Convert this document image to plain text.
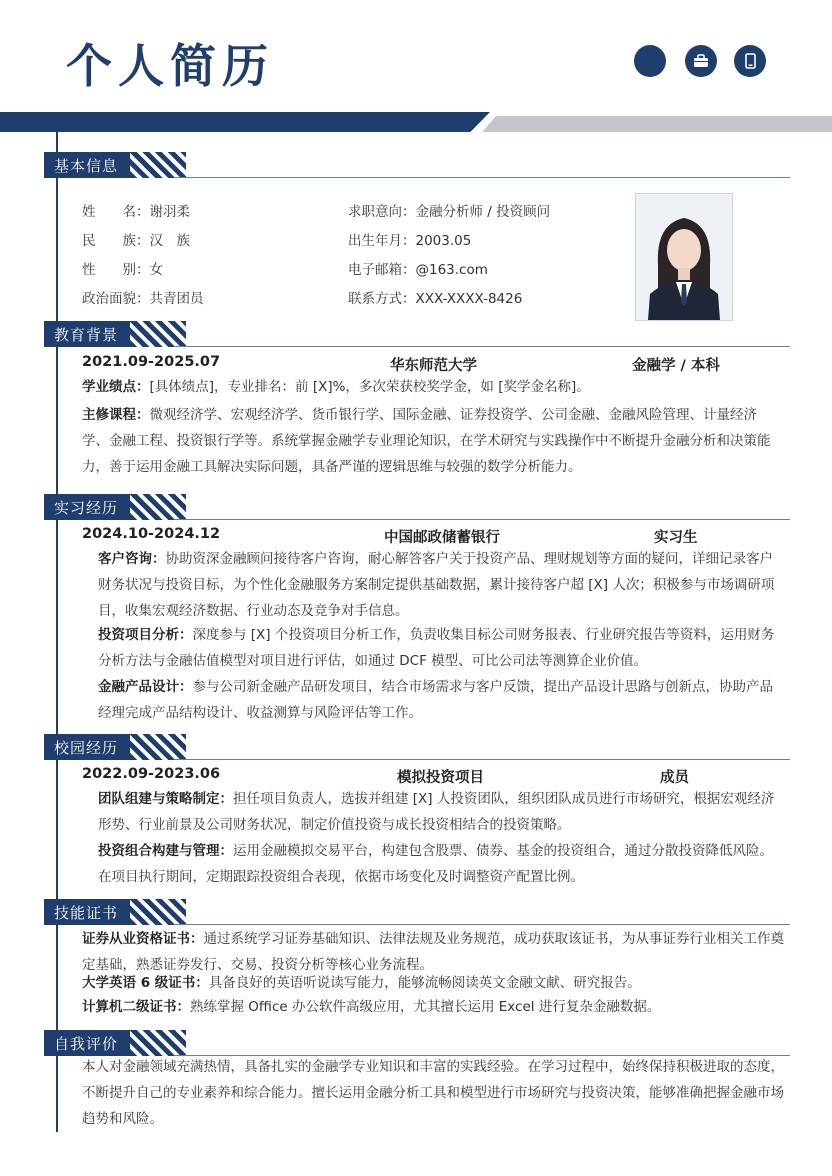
个人简历
基本信息
姓　　名：谢羽柔
民　　族：汉　族
性　　别：女
政治面貌：共青团员
求职意向：金融分析师 / 投资顾问
出生年月：2003.05
电子邮箱：@163.com
联系方式：XXX-XXXX-8426
教育背景
2021.09-2025.07	华东师范大学	金融学 / 本科

学业绩点：[具体绩点]，专业排名：前 [X]%，多次荣获校奖学金，如 [奖学金名称]。

主修课程：微观经济学、宏观经济学、货币银行学、国际金融、证券投资学、公司金融、金融风险管理、计量经济学、金融工程、投资银行学等。系统掌握金融学专业理论知识，在学术研究与实践操作中不断提升金融分析和决策能力，善于运用金融工具解决实际问题，具备严谨的逻辑思维与较强的数学分析能力。

实习经历
2024.10-2024.12	中国邮政储蓄银行	实习生

客户咨询：协助资深金融顾问接待客户咨询，耐心解答客户关于投资产品、理财规划等方面的疑问，详细记录客户财务状况与投资目标，为个性化金融服务方案制定提供基础数据，累计接待客户超 [X] 人次；积极参与市场调研项目，收集宏观经济数据、行业动态及竞争对手信息。

投资项目分析：深度参与 [X] 个投资项目分析工作，负责收集目标公司财务报表、行业研究报告等资料，运用财务分析方法与金融估值模型对项目进行评估，如通过 DCF 模型、可比公司法等测算企业价值。

金融产品设计：参与公司新金融产品研发项目，结合市场需求与客户反馈，提出产品设计思路与创新点，协助产品经理完成产品结构设计、收益测算与风险评估等工作。

校园经历
2022.09-2023.06	模拟投资项目	成员

团队组建与策略制定：担任项目负责人，选拔并组建 [X] 人投资团队，组织团队成员进行市场研究，根据宏观经济形势、行业前景及公司财务状况，制定价值投资与成长投资相结合的投资策略。

投资组合构建与管理：运用金融模拟交易平台，构建包含股票、债券、基金的投资组合，通过分散投资降低风险。在项目执行期间，定期跟踪投资组合表现，依据市场变化及时调整资产配置比例。

技能证书

证券从业资格证书：通过系统学习证券基础知识、法律法规及业务规范，成功获取该证书，为从事证券行业相关工作奠定基础，熟悉证券发行、交易、投资分析等核心业务流程。

大学英语 6 级证书：具备良好的英语听说读写能力，能够流畅阅读英文金融文献、研究报告。

计算机二级证书：熟练掌握 Office 办公软件高级应用，尤其擅长运用 Excel 进行复杂金融数据。

自我评价

本人对金融领域充满热情，具备扎实的金融学专业知识和丰富的实践经验。在学习过程中，始终保持积极进取的态度，不断提升自己的专业素养和综合能力。擅长运用金融分析工具和模型进行市场研究与投资决策，能够准确把握金融市场趋势和风险。
